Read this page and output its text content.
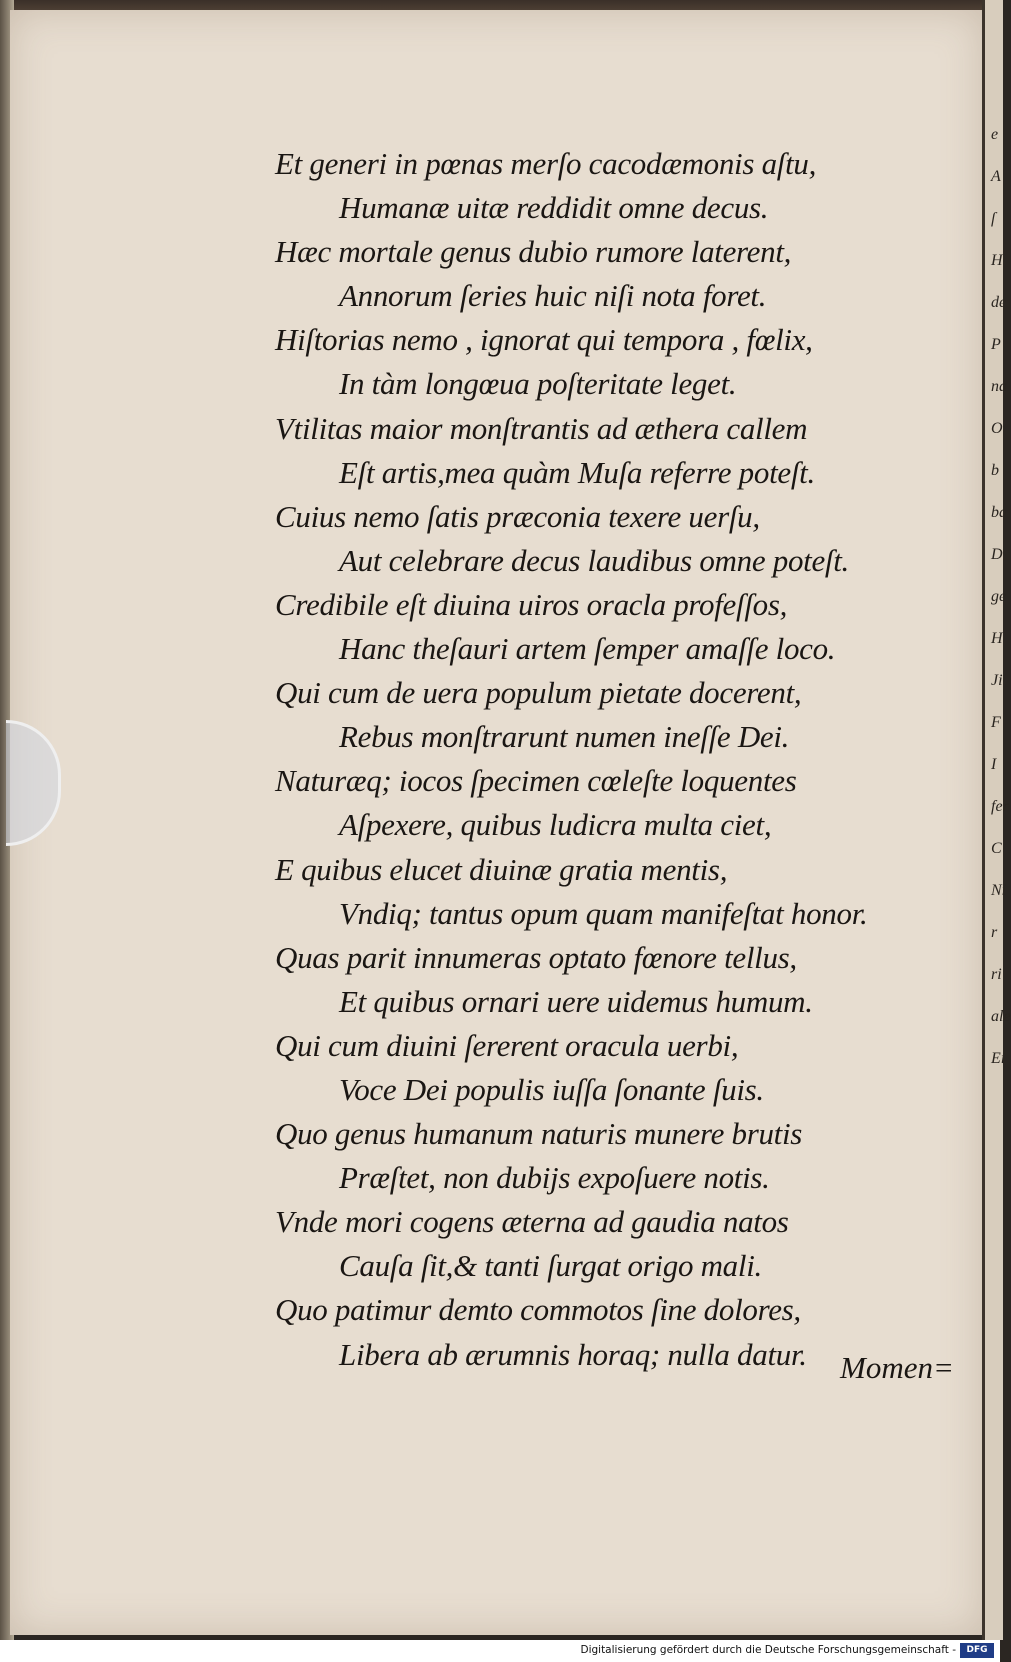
Et generi in pœnas merſo cacodæmonis aſtu,
Humanæ uitæ reddidit omne decus.
Hæc mortale genus dubio rumore laterent,
Annorum ſeries huic niſi nota foret.
Hiſtorias nemo , ignorat qui tempora , fœlix,
In tàm longœua poſteritate leget.
Vtilitas maior monſtrantis ad æthera callem
Eſt artis,mea quàm Muſa referre poteſt.
Cuius nemo ſatis præconia texere uerſu,
Aut celebrare decus laudibus omne poteſt.
Credibile eſt diuina uiros oracla profeſſos,
Hanc theſauri artem ſemper amaſſe loco.
Qui cum de uera populum pietate docerent,
Rebus monſtrarunt numen ineſſe Dei.
Naturæq; iocos ſpecimen cœleſte loquentes
Aſpexere, quibus ludicra multa ciet,
E quibus elucet diuinæ gratia mentis,
Vndiq; tantus opum quam manifeſtat honor.
Quas parit innumeras optato fœnore tellus,
Et quibus ornari uere uidemus humum.
Qui cum diuini ſererent oracula uerbi,
Voce Dei populis iuſſa ſonante ſuis.
Quo genus humanum naturis munere brutis
Præſtet, non dubijs expoſuere notis.
Vnde mori cogens æterna ad gaudia natos
Cauſa ſit,& tanti ſurgat origo mali.
Quo patimur demto commotos ſine dolores,
Libera ab ærumnis horaq; nulla datur.	Momen=
e
A
ſ
H
de
P
na
O
b
ba
D
ge
H
Ji
F
I
fer
C
Ni
r
ri
ale
Ei
Digitalisierung gefördert durch die Deutsche Forschungsgemeinschaft -	DFG
